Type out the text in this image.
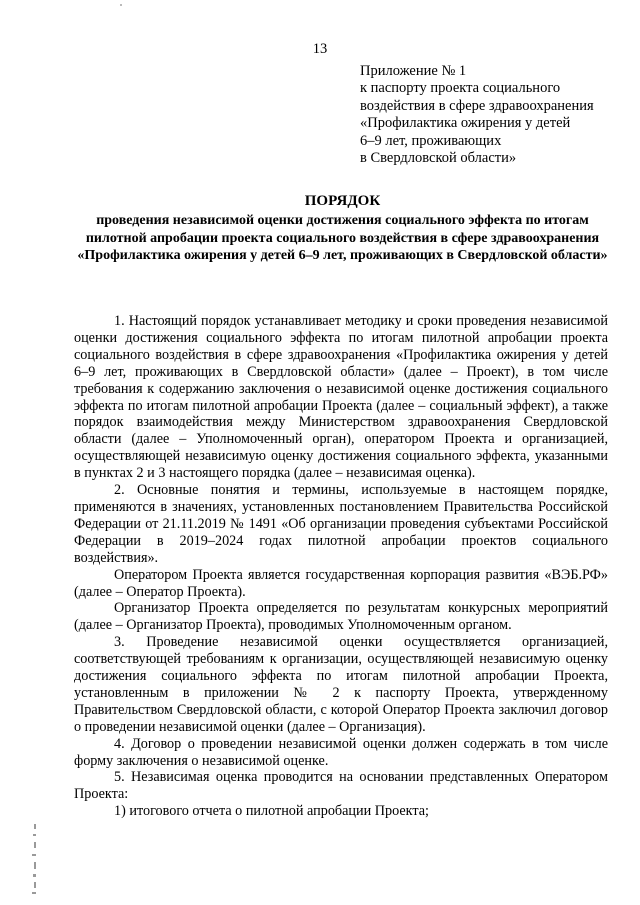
13
Приложение № 1
к паспорту проекта социального
воздействия в сфере здравоохранения
«Профилактика ожирения у детей
6–9 лет, проживающих
в Свердловской области»
ПОРЯДОК
проведения независимой оценки достижения социального эффекта по итогам пилотной апробации проекта социального воздействия в сфере здравоохранения «Профилактика ожирения у детей 6–9 лет, проживающих в Свердловской области»

1. Настоящий порядок устанавливает методику и сроки проведения независимой оценки достижения социального эффекта по итогам пилотной апробации проекта социального воздействия в сфере здравоохранения «Профилактика ожирения у детей 6–9 лет, проживающих в Свердловской области» (далее – Проект), в том числе требования к содержанию заключения о независимой оценке достижения социального эффекта по итогам пилотной апробации Проекта (далее – социальный эффект), а также порядок взаимодействия между Министерством здравоохранения Свердловской области (далее – Уполномоченный орган), оператором Проекта и организацией, осуществляющей независимую оценку достижения социального эффекта, указанными в пунктах 2 и 3 настоящего порядка (далее – независимая оценка).

2. Основные понятия и термины, используемые в настоящем порядке, применяются в значениях, установленных постановлением Правительства Российской Федерации от 21.11.2019 № 1491 «Об организации проведения субъектами Российской Федерации в 2019–2024 годах пилотной апробации проектов социального воздействия».

Оператором Проекта является государственная корпорация развития «ВЭБ.РФ» (далее – Оператор Проекта).

Организатор Проекта определяется по результатам конкурсных мероприятий (далее – Организатор Проекта), проводимых Уполномоченным органом.

3. Проведение независимой оценки осуществляется организацией, соответствующей требованиям к организации, осуществляющей независимую оценку достижения социального эффекта по итогам пилотной апробации Проекта, установленным в приложении № 2 к паспорту Проекта, утвержденному Правительством Свердловской области, с которой Оператор Проекта заключил договор о проведении независимой оценки (далее – Организация).

4. Договор о проведении независимой оценки должен содержать в том числе форму заключения о независимой оценке.

5. Независимая оценка проводится на основании представленных Оператором Проекта:

1) итогового отчета о пилотной апробации Проекта;
